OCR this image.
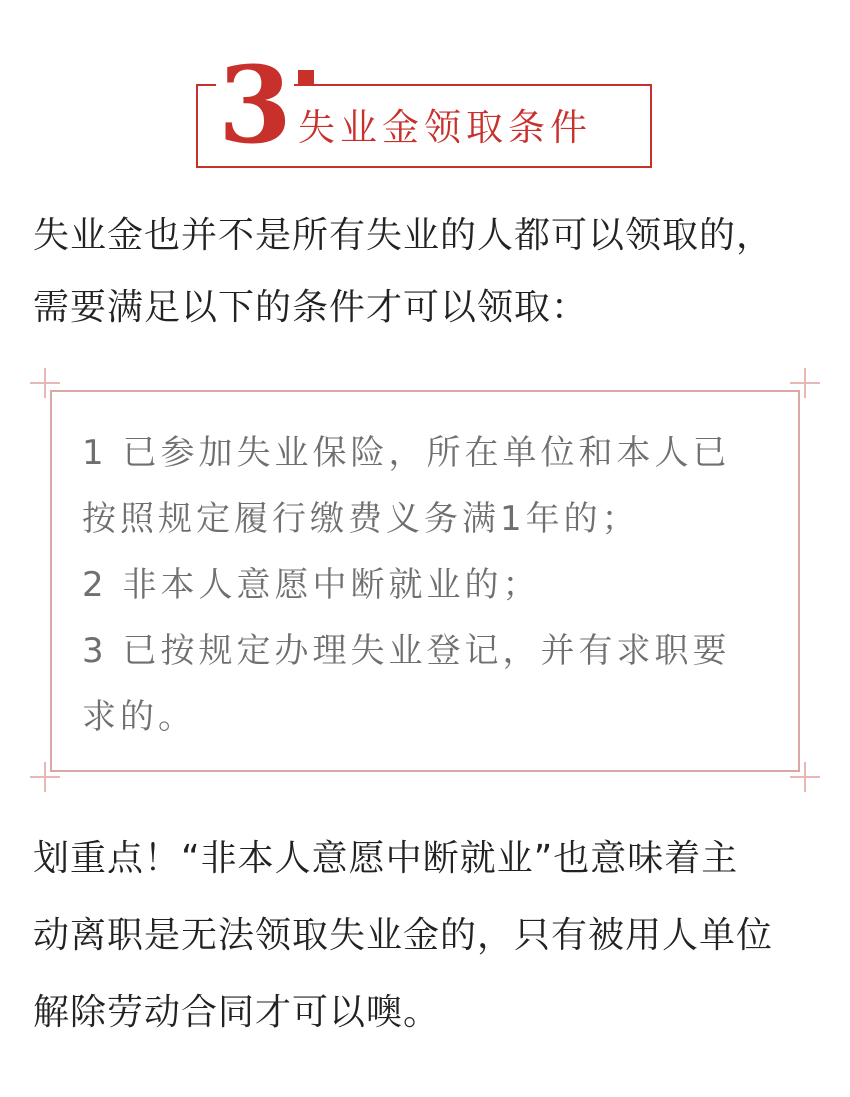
3 失业金领取条件
失业金也并不是所有失业的人都可以领取的，
需要满足以下的条件才可以领取：
1 已参加失业保险，所在单位和本人已
按照规定履行缴费义务满1年的；
2 非本人意愿中断就业的；
3 已按规定办理失业登记，并有求职要
求的。
划重点！“非本人意愿中断就业”也意味着主
动离职是无法领取失业金的，只有被用人单位
解除劳动合同才可以噢。
